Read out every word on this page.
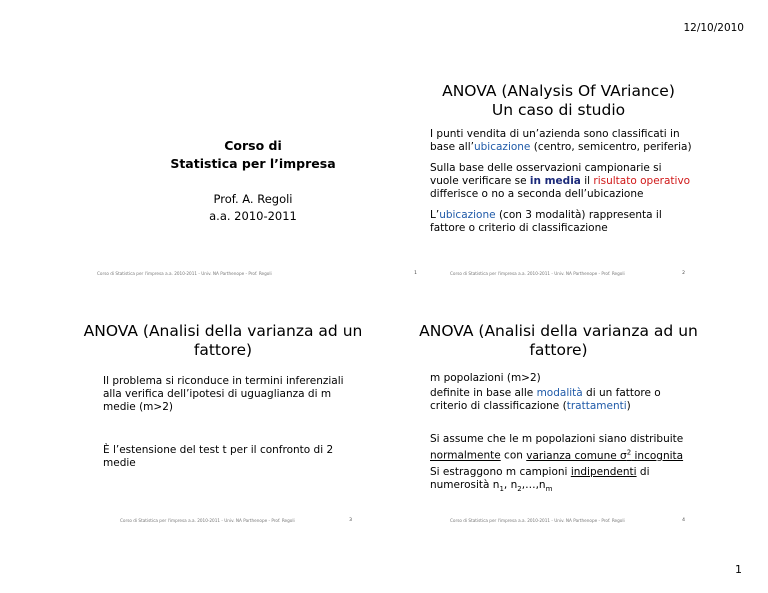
12/10/2010
Corso di
Statistica per l’impresa
Prof. A. Regoli
a.a. 2010-2011
Corso di Statistica per l'impresa a.a. 2010-2011 - Univ. NA Parthenope - Prof. Regoli	1
ANOVA (ANalysis Of VAriance)
Un caso di studio

I punti vendita di un’azienda sono classificati in base all’ubicazione (centro, semicentro, periferia)

Sulla base delle osservazioni campionarie si vuole verificare se in media il risultato operativo differisce o no a seconda dell’ubicazione

L’ubicazione (con 3 modalità) rappresenta il fattore o criterio di classificazione

Corso di Statistica per l'impresa a.a. 2010-2011 - Univ. NA Parthenope - Prof. Regoli	2
ANOVA (Analisi della varianza ad un fattore)

Il problema si riconduce in termini inferenziali alla verifica dell’ipotesi di uguaglianza di m medie (m>2)

È l’estensione del test t per il confronto di 2 medie

Corso di Statistica per l'impresa a.a. 2010-2011 - Univ. NA Parthenope - Prof. Regoli	3
ANOVA (Analisi della varianza ad un fattore)

m popolazioni (m>2)

definite in base alle modalità di un fattore o criterio di classificazione (trattamenti)

Si assume che le m popolazioni siano distribuite normalmente con varianza comune $\sigma^2$ incognita

Si estraggono m campioni indipendenti di numerosità $n_1$, $n_2,\dots,n_m$

Corso di Statistica per l'impresa a.a. 2010-2011 - Univ. NA Parthenope - Prof. Regoli	4
1
